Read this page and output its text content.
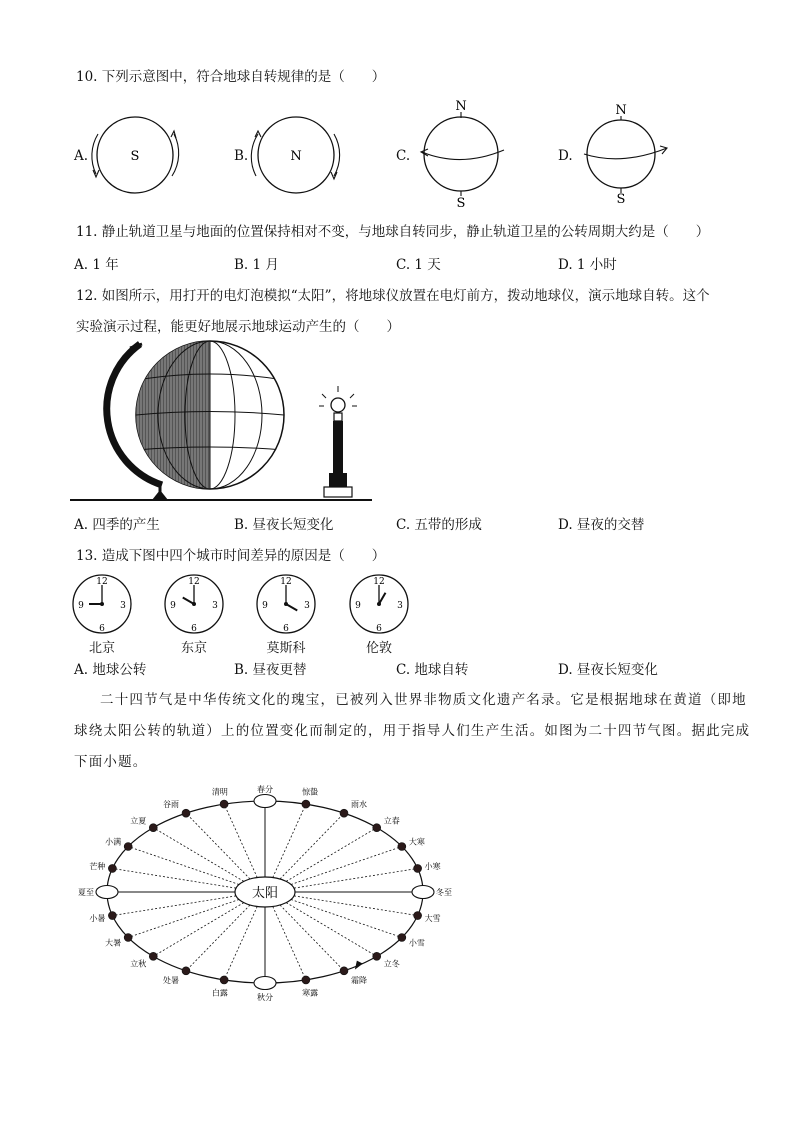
10. 下列示意图中，符合地球自转规律的是（　　）
A.	S	B.	N	C.
N
S
D.
N
S
11. 静止轨道卫星与地面的位置保持相对不变，与地球自转同步，静止轨道卫星的公转周期大约是（　　）
A. 1 年	B. 1 月	C. 1 天	D. 1 小时
12. 如图所示，用打开的电灯泡模拟“太阳”，将地球仪放置在电灯前方，拨动地球仪，演示地球自转。这个
实验演示过程，能更好地展示地球运动产生的（　　）
A. 四季的产生	B. 昼夜长短变化	C. 五带的形成	D. 昼夜的交替
13. 造成下图中四个城市时间差异的原因是（　　）
12
3
6
9
12
3
6
9
12
3
6
9
12
3
6
9
北京	东京	莫斯科	伦敦
A. 地球公转	B. 昼夜更替	C. 地球自转	D. 昼夜长短变化
二十四节气是中华传统文化的瑰宝，已被列入世界非物质文化遗产名录。它是根据地球在黄道（即地
球绕太阳公转的轨道）上的位置变化而制定的，用于指导人们生产生活。如图为二十四节气图。据此完成
下面小题。
春分	惊蛰
雨水
立春
大寒
小寒
冬至
大雪
小雪
立冬
霜降
寒露
秋分
白露
处暑
立秋
大暑
小暑
夏至
芒种
小满
立夏
谷雨
清明
太阳
